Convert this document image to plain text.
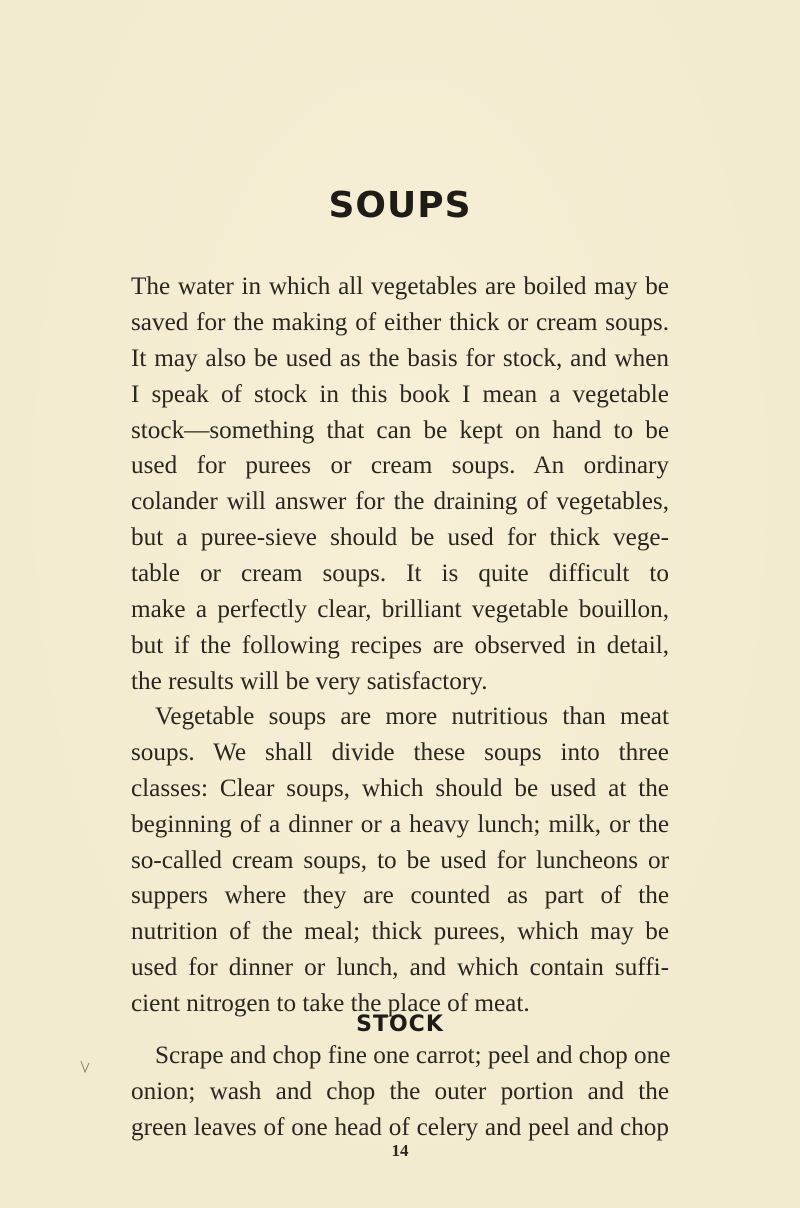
SOUPS
The water in which all vegetables are boiled may be
saved for the making of either thick or cream soups.
It may also be used as the basis for stock, and when
I speak of stock in this book I mean a vegetable
stock—something that can be kept on hand to be
used for purees or cream soups. An ordinary
colander will answer for the draining of vegetables,
but a puree-sieve should be used for thick vege-
table or cream soups. It is quite difficult to
make a perfectly clear, brilliant vegetable bouillon,
but if the following recipes are observed in detail,
the results will be very satisfactory.
Vegetable soups are more nutritious than meat
soups. We shall divide these soups into three
classes: Clear soups, which should be used at the
beginning of a dinner or a heavy lunch; milk, or the
so-called cream soups, to be used for luncheons or
suppers where they are counted as part of the
nutrition of the meal; thick purees, which may be
used for dinner or lunch, and which contain suffi-
cient nitrogen to take the place of meat.
STOCK
Scrape and chop fine one carrot; peel and chop one
onion; wash and chop the outer portion and the
green leaves of one head of celery and peel and chop
14
